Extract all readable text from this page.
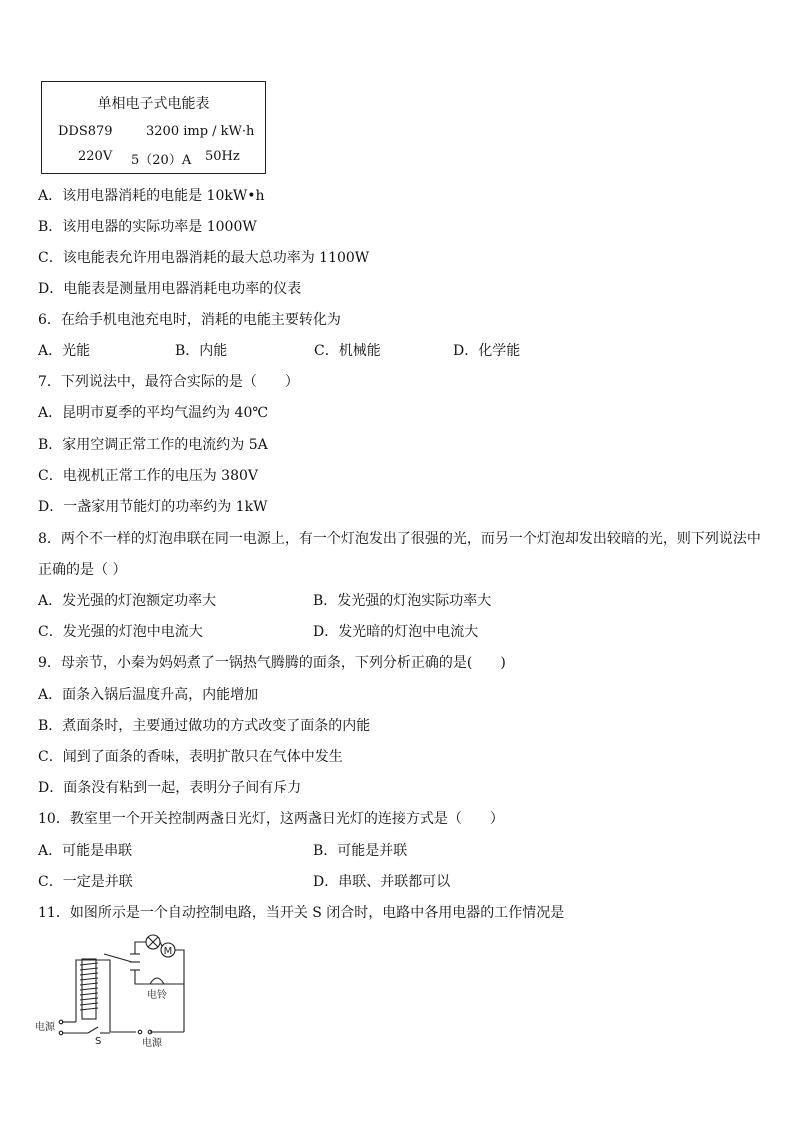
单相电子式电能表
DDS879	3200 imp / kW·h
220V 5（20）A 50Hz
A．该用电器消耗的电能是 10kW•h
B．该用电器的实际功率是 1000W
C．该电能表允许用电器消耗的最大总功率为 1100W
D．电能表是测量用电器消耗电功率的仪表
6．在给手机电池充电时，消耗的电能主要转化为
A．光能	B．内能	C．机械能	D．化学能
7．下列说法中，最符合实际的是（　　）
A．昆明市夏季的平均气温约为 40℃
B．家用空调正常工作的电流约为 5A
C．电视机正常工作的电压为 380V
D．一盏家用节能灯的功率约为 1kW
8．两个不一样的灯泡串联在同一电源上，有一个灯泡发出了很强的光，而另一个灯泡却发出较暗的光，则下列说法中
正确的是（ ）
A．发光强的灯泡额定功率大	B．发光强的灯泡实际功率大
C．发光强的灯泡中电流大	D．发光暗的灯泡中电流大
9．母亲节，小秦为妈妈煮了一锅热气腾腾的面条，下列分析正确的是(　　)
A．面条入锅后温度升高，内能增加
B．煮面条时，主要通过做功的方式改变了面条的内能
C．闻到了面条的香味，表明扩散只在气体中发生
D．面条没有粘到一起，表明分子间有斥力
10．教室里一个开关控制两盏日光灯，这两盏日光灯的连接方式是（　　）
A．可能是串联	B．可能是并联
C．一定是并联	D．串联、并联都可以
11．如图所示是一个自动控制电路，当开关 S 闭合时，电路中各用电器的工作情况是
M
电铃
电源
S	电源
